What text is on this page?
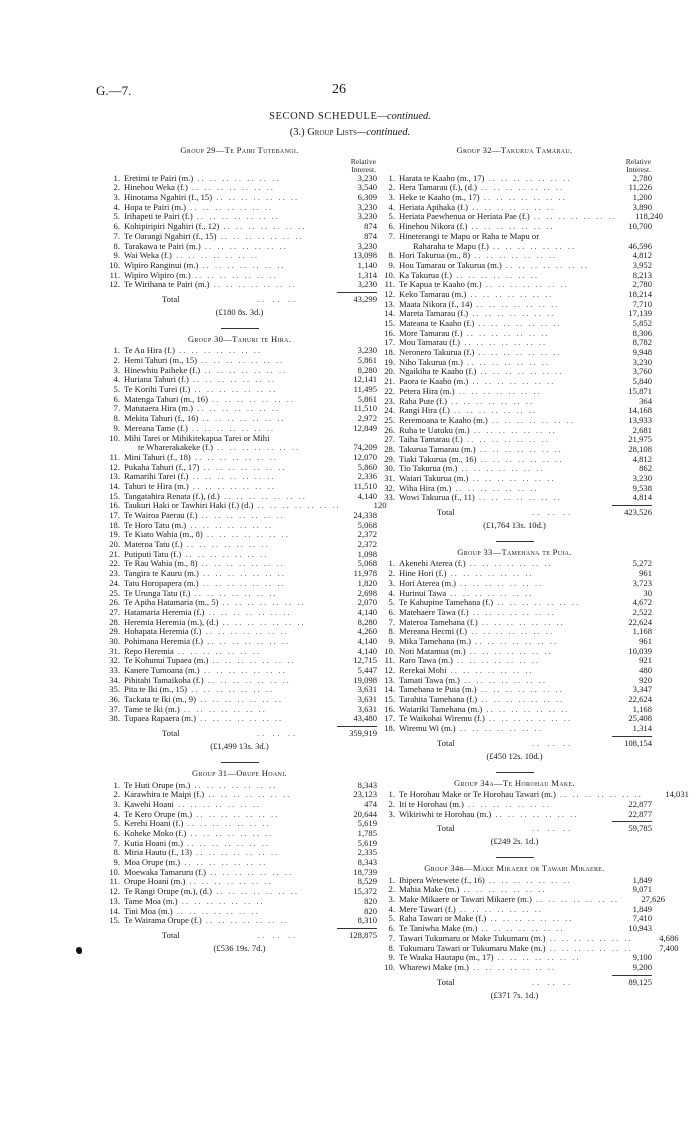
G.—7.	26
SECOND SCHEDULE—continued.
(3.) Group Lists—continued.
Group 29—Te Pairi Tutebangi.
Relative
Interest.
1. Eretimi te Pairi (m.) .. .. .. .. .. .. ..	3,230
2. Hinehou Weka (f.) .. .. .. .. .. .. ..	3,540
3. Hinotama Ngahiri (f., 15) .. .. .. .. .. .. ..	6,309
4. Hopa te Pairi (m.) .. .. .. .. .. .. ..	3,230
5. Irihapeti te Pairi (f.) .. .. .. .. .. .. ..	3,230
6. Kohipiripiri Ngahiri (f., 12) .. .. .. .. .. .. ..	874
7. Te Oarangi Ngahiri (f., 15) .. .. .. .. .. .. ..	874
8. Tarakawa te Pairi (m.) .. .. .. .. .. .. ..	3,230
9. Wai Weka (f.) .. .. .. .. .. .. ..	13,098
10. Wipiro Ranginui (m.) .. .. .. .. .. .. ..	1,140
11. Wipiro Wipiro (m.) .. .. .. .. .. .. ..	1,314
12. Te Wirihana te Pairi (m.) .. .. .. .. .. .. ..	3,230
Total	.. .. ..	43,299
(£180 8s. 3d.)
Group 30—Tahuri te Hira.
1. Te Au Hira (f.) .. .. .. .. .. .. ..	3,230
2. Hemi Tahuri (m., 15) .. .. .. .. .. .. ..	5,861
3. Hinewhiu Paiheke (f.) .. .. .. .. .. .. ..	8,280
4. Huriana Tahuri (f.) .. .. .. .. .. .. ..	12,141
5. Te Korihi Turei (f.) .. .. .. .. .. .. ..	11,495
6. Matenga Tahuri (m., 16) .. .. .. .. .. .. ..	5,861
7. Matutaera Hira (m.) .. .. .. .. .. .. ..	11,510
8. Mekita Tahuri (f., 16) .. .. .. .. .. .. ..	2,972
9. Mereana Tame (f.) .. .. .. .. .. .. ..	12,849
10. Mihi Tarei or Mihikitekapua Tarei or Mihi
te Wharerakakeke (f.) .. .. .. .. .. .. ..	74,209
11. Mini Tahuri (f., 18) .. .. .. .. .. .. ..	12,070
12. Pukaha Tahuri (f., 17) .. .. .. .. .. .. ..	5,860
13. Ramarihi Tarei (f.) .. .. .. .. .. .. ..	2,336
14. Tahuri te Hira (m.) .. .. .. .. .. .. ..	11,510
15. Tangatahira Renata (f.), (d.) .. .. .. .. .. .. ..	4,140
16. Taukuri Haki or Tawhiri Haki (f.) (d.) .. .. .. .. .. .. ..	120
17. Te Wairoa Paerau (f.) .. .. .. .. .. .. ..	24,338
18. Te Horo Tatu (m.) .. .. .. .. .. .. ..	5,068
19. Te Kiato Wahia (m., 8) .. .. .. .. .. .. ..	2,372
20. Materoa Tatu (f.) .. .. .. .. .. .. ..	2,372
21. Putiputi Tatu (f.) .. .. .. .. .. .. ..	1,098
22. Te Rau Wahia (m., 8) .. .. .. .. .. .. ..	5,068
23. Tangira te Kauru (m.) .. .. .. .. .. .. ..	11,978
24. Tatu Horopapera (m.) .. .. .. .. .. .. ..	1,820
25. Te Urunga Tatu (f.) .. .. .. .. .. .. ..	2,698
26. Te Apiha Hatamaria (m., 5) .. .. .. .. .. .. ..	2,070
27. Hatamaria Heremia (f.) .. .. .. .. .. .. ..	4,140
28. Heremia Heremia (m.), (d.) .. .. .. .. .. .. ..	8,280
29. Hohapata Heremia (f.) .. .. .. .. .. .. ..	4,260
30. Pohimana Heremia (f.) .. .. .. .. .. .. ..	4,140
31. Repo Heremia .. .. .. .. .. .. ..	4,140
32. Te Kohunui Tupaea (m.) .. .. .. .. .. .. ..	12,715
33. Kanere Tumoana (m.) .. .. .. .. .. .. ..	5,447
34. Pihitahi Tamaikoha (f.) .. .. .. .. .. .. ..	19,098
35. Pita te Iki (m., 15) .. .. .. .. .. .. ..	3,631
36. Tackata te Iki (m., 9) .. .. .. .. .. .. ..	3,631
37. Tame te Iki (m.) .. .. .. .. .. .. ..	3,631
38. Tupaea Rapaera (m.) .. .. .. .. .. .. ..	43,480
Total	.. .. ..	359,919
(£1,499 13s. 3d.)
Group 31—Orupe Hoani.
1. Te Huti Orupe (m.) .. .. .. .. .. .. ..	8,343
2. Karawhira te Maipi (f.) .. .. .. .. .. .. ..	23,123
3. Kawehi Hoani .. .. .. .. .. .. ..	474
4. Te Kero Orupe (m.) .. .. .. .. .. .. ..	20,644
5. Kerehi Hoani (f.) .. .. .. .. .. .. ..	5,619
6. Koheke Moko (f.) .. .. .. .. .. .. ..	1,785
7. Kutia Hoani (m.) .. .. .. .. .. .. ..	5,619
8. Miria Hautu (f., 13) .. .. .. .. .. .. ..	2,335
9. Moa Orupe (m.) .. .. .. .. .. .. ..	8,343
10. Moewaka Tamaruru (f.) .. .. .. .. .. .. ..	18,739
11. Orupe Hoani (m.) .. .. .. .. .. .. ..	8,529
12. Te Rangi Orupe (m.), (d.) .. .. .. .. .. .. ..	15,372
13. Tame Moa (m.) .. .. .. .. .. .. ..	820
14. Tini Moa (m.) .. .. .. .. .. .. ..	820
15. Te Wairama Orupe (f.) .. .. .. .. .. .. ..	8,310
Total	.. .. ..	128,875
(£536 19s. 7d.)
Group 32—Takurua Tamarau.
Relative
Interest.
1. Harata te Kaaho (m., 17) .. .. .. .. .. .. ..	2,780
2. Hera Tamarau (f.), (d.) .. .. .. .. .. .. ..	11,226
3. Heke te Kaaho (m., 17) .. .. .. .. .. .. ..	1,200
4. Heriata Apihaka (f.) .. .. .. .. .. .. ..	3,890
5. Heriata Paewhenua or Heriata Pae (f.) .. .. .. .. .. .. ..	118,240
6. Hinehou Nikora (f.) .. .. .. .. .. .. ..	10,700
7. Hineterangi te Mapu or Raha te Mapu or
Raharaha te Mapu (f.) .. .. .. .. .. .. ..	46,596
8. Hori Takurua (m., 8) .. .. .. .. .. .. ..	4,812
9. Hou Tamarau or Takurua (m.) .. .. .. .. .. .. ..	3,952
10. Ka Takurua (f.) .. .. .. .. .. .. ..	8,213
11. Te Kapua te Kaaho (m.) .. .. .. .. .. .. ..	2,780
12. Keko Tamarau (m.) .. .. .. .. .. .. ..	18,214
13. Maata Nikora (f., 14) .. .. .. .. .. .. ..	7,710
14. Mareta Tamarau (f.) .. .. .. .. .. .. ..	17,139
15. Mateana te Kaaho (f.) .. .. .. .. .. .. ..	5,852
16. More Tamarau (f.) .. .. .. .. .. .. ..	8,306
17. Mou Tamarau (f.) .. .. .. .. .. .. ..	8,782
18. Neronero Takurua (f.) .. .. .. .. .. .. ..	9,948
19. Niho Takurua (m.) .. .. .. .. .. .. ..	3,230
20. Ngaikiha te Kaaho (f.) .. .. .. .. .. .. ..	3,760
21. Paora te Kaaho (m.) .. .. .. .. .. .. ..	5,840
22. Petera Hira (m.) .. .. .. .. .. .. ..	15,871
23. Raha Pute (f.) .. .. .. .. .. .. ..	364
24. Rangi Hira (f.) .. .. .. .. .. .. ..	14,168
25. Reremoana te Kaaho (m.) .. .. .. .. .. .. ..	13,933
26. Ruha te Uatuku (m.) .. .. .. .. .. .. ..	2,681
27. Taiha Tamarau (f.) .. .. .. .. .. .. ..	21,975
28. Takurua Tamarau (m.) .. .. .. .. .. .. ..	28,108
29. Tiaki Takurua (m., 16) .. .. .. .. .. .. ..	4,812
30. Tio Takurua (m.) .. .. .. .. .. .. ..	862
31. Waiari Takurua (m.) .. .. .. .. .. .. ..	3,230
32. Wiha Hira (m.) .. .. .. .. .. .. ..	9,538
33. Wowi Takurua (f., 11) .. .. .. .. .. .. ..	4,814
Total	.. .. ..	423,526
(£1,764 13s. 10d.)
Group 33—Tamehana te Puia.
1. Akenehi Aterea (f.) .. .. .. .. .. .. ..	5,272
2. Hine Hori (f.) .. .. .. .. .. .. ..	961
3. Hori Aterea (m.) .. .. .. .. .. .. ..	3,723
4. Hurinui Tawa .. .. .. .. .. .. ..	30
5. Te Kahupine Tamehana (f.) .. .. .. .. .. .. ..	4,672
6. Matehaere Tawa (f.) .. .. .. .. .. .. ..	2,522
7. Materoa Tamehana (f.) .. .. .. .. .. .. ..	22,624
8. Mereana Hecmi (f.) .. .. .. .. .. .. ..	1,168
9. Mika Tamehana (m.) .. .. .. .. .. .. ..	961
10. Noti Matamua (m.) .. .. .. .. .. .. ..	10,039
11. Raro Tawa (m.) .. .. .. .. .. .. ..	921
12. Rerekai Mohi .. .. .. .. .. .. ..	480
13. Tamati Tawa (m.) .. .. .. .. .. .. ..	920
14. Tamehana te Puia (m.) .. .. .. .. .. .. ..	3,347
15. Tarahita Tamehana (f.) .. .. .. .. .. .. ..	22,624
16. Waiariki Tamehana (m.) .. .. .. .. .. .. ..	1,168
17. Te Waikohai Wiremu (f.) .. .. .. .. .. .. ..	25,408
18. Wiremu Wi (m.) .. .. .. .. .. .. ..	1,314
Total	.. .. ..	108,154
(£450 12s. 10d.)
Group 34a—Te Horohau Make.
1. Te Horohau Make or Te Horohau Tawari (m.) .. .. .. .. .. .. ..	14,031
2. Iti te Horohau (m.) .. .. .. .. .. .. ..	22,877
3. Wikiriwhi te Horohau (m.) .. .. .. .. .. .. ..	22,877
Total	.. .. ..	59,785
(£249 2s. 1d.)
Group 34b—Make Mikaere or Tawari Mikaere.
1. Ihipera Wetewete (f., 16) .. .. .. .. .. .. ..	1,849
2. Mahia Make (m.) .. .. .. .. .. .. ..	9,071
3. Make Mikaere or Tawari Mikaere (m.) .. .. .. .. .. .. ..	27,626
4. Mere Tawari (f.) .. .. .. .. .. .. ..	1,849
5. Raha Tawari or Make (f.) .. .. .. .. .. .. ..	7,410
6. Te Taniwha Make (m.) .. .. .. .. .. .. ..	10,943
7. Tawari Tukumaru or Make Tukumaru (m.) .. .. .. .. .. .. ..	4,686
8. Tukumaru Tawari or Tukumaru Make (m.) .. .. .. .. .. .. ..	7,400
9. Te Waaka Hautapu (m., 17) .. .. .. .. .. .. ..	9,100
10. Wharewi Make (m.) .. .. .. .. .. .. ..	9,200
Total	.. .. ..	89,125
(£371 7s. 1d.)
